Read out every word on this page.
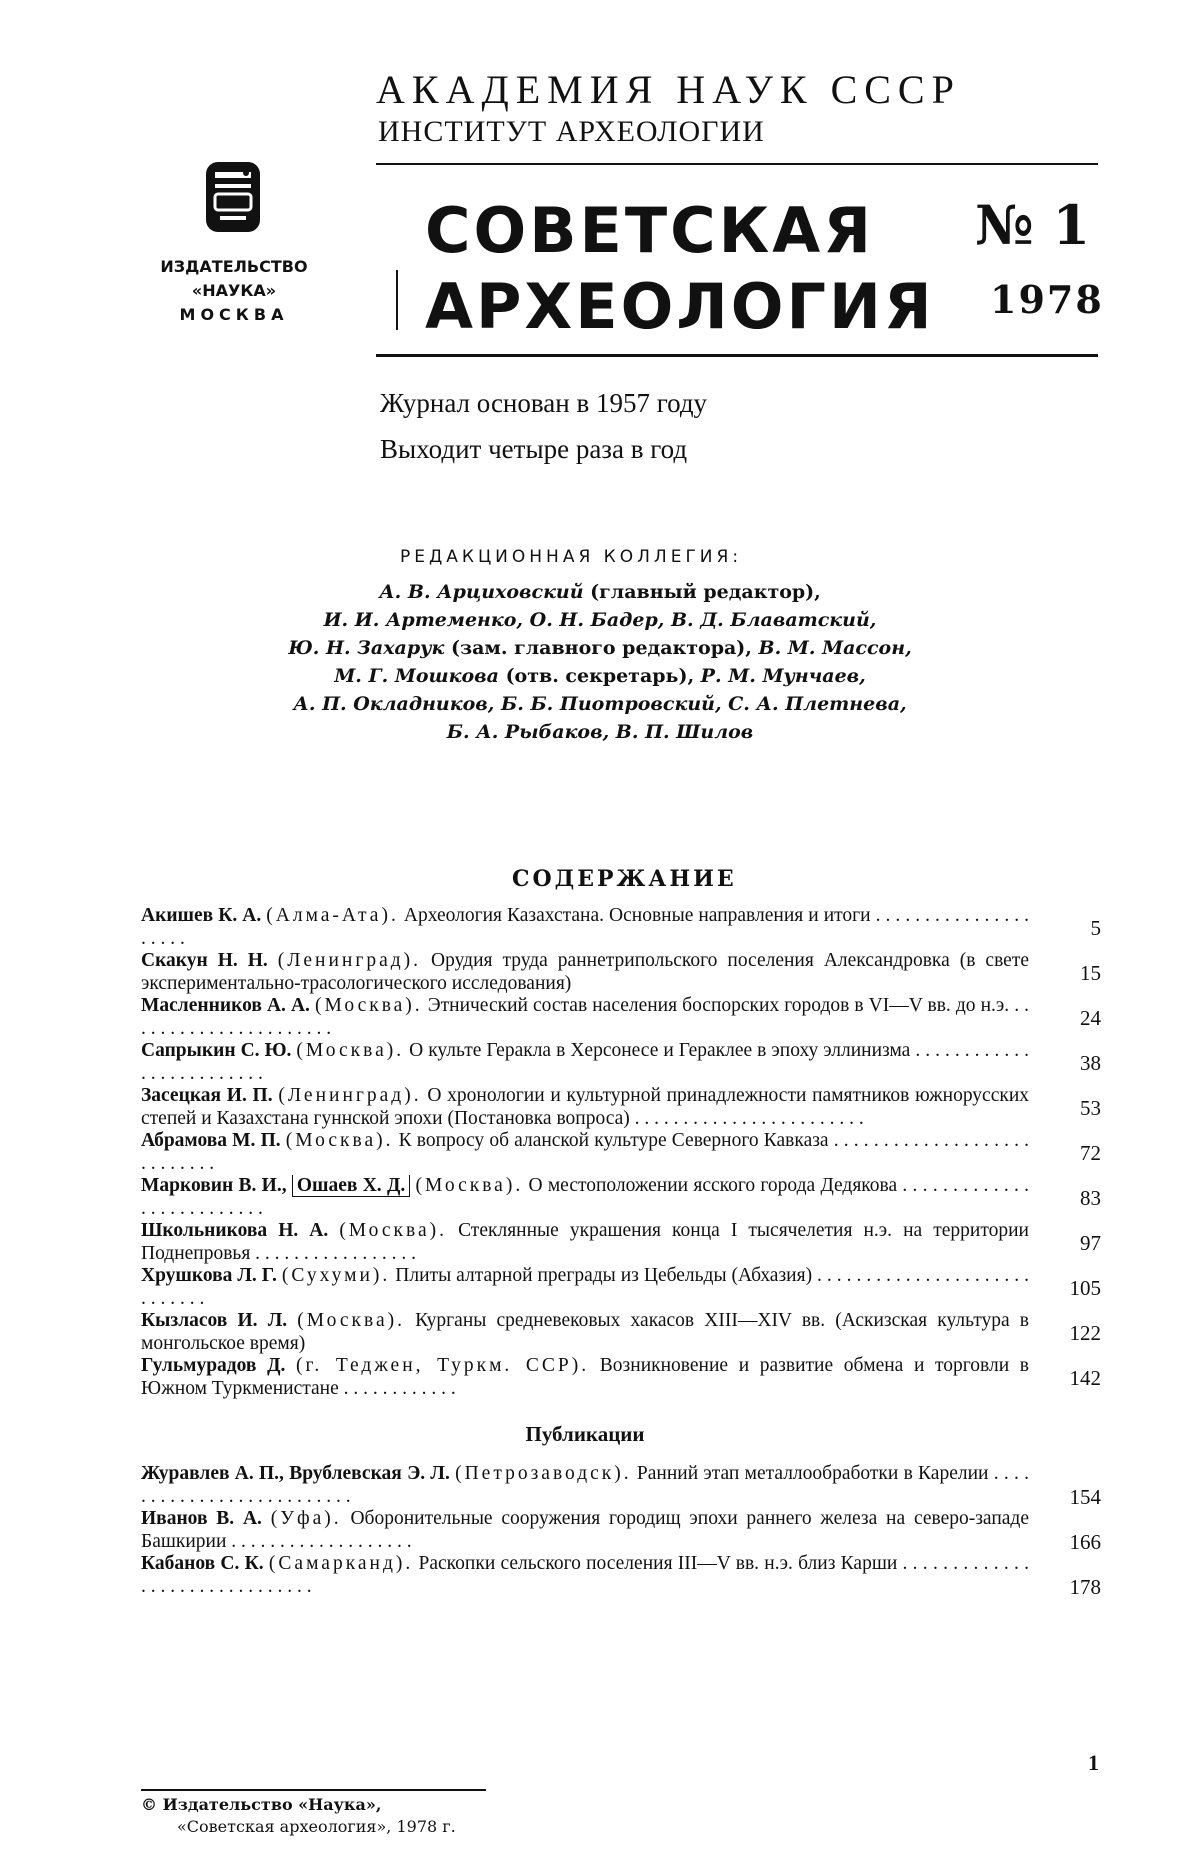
АКАДЕМИЯ НАУК СССР
ИНСТИТУТ АРХЕОЛОГИИ
ИЗДАТЕЛЬСТВО
«НАУКА»
МОСКВА
СОВЕТСКАЯ
АРХЕОЛОГИЯ
№ 1
1978
Журнал основан в 1957 году
Выходит четыре раза в год
РЕДАКЦИОННАЯ КОЛЛЕГИЯ:
А. В. Арциховский (главный редактор),
И. И. Артеменко, О. Н. Бадер, В. Д. Блаватский,
Ю. Н. Захарук (зам. главного редактора), В. М. Массон,
М. Г. Мошкова (отв. секретарь), Р. М. Мунчаев,
А. П. Окладников, Б. Б. Пиотровский, С. А. Плетнева,
Б. А. Рыбаков, В. П. Шилов
СОДЕРЖАНИЕ
Акишев К. А. (Алма-Ата). Археология Казахстана. Основные направления и итоги . . . . . . . . . . . . . . . . . . . . .	5
Скакун Н. Н. (Ленинград). Орудия труда раннетрипольского поселения Александровка (в свете экспериментально-трасологического исследования)	15
Масленников А. А. (Москва). Этнический состав населения боспорских городов в VI—V вв. до н.э. . . . . . . . . . . . . . . . . . . . . . .	24
Сапрыкин С. Ю. (Москва). О культе Геракла в Херсонесе и Гераклее в эпоху эллинизма . . . . . . . . . . . . . . . . . . . . . . . . .	38
Засецкая И. П. (Ленинград). О хронологии и культурной принадлежности памятников южнорусских степей и Казахстана гуннской эпохи (Постановка вопроса) . . . . . . . . . . . . . . . . . . . . . . . .	53
Абрамова М. П. (Москва). К вопросу об аланской культуре Северного Кавказа . . . . . . . . . . . . . . . . . . . . . . . . . . . .	72
Марковин В. И., Ошаев Х. Д. (Москва). О местоположении ясского города Дедякова . . . . . . . . . . . . . . . . . . . . . . . . . .	83
Школьникова Н. А. (Москва). Стеклянные украшения конца I тысячелетия н.э. на территории Поднепровья . . . . . . . . . . . . . . . . .	97
Хрушкова Л. Г. (Сухуми). Плиты алтарной преграды из Цебельды (Абхазия) . . . . . . . . . . . . . . . . . . . . . . . . . . . . .	105
Кызласов И. Л. (Москва). Курганы средневековых хакасов XIII—XIV вв. (Аскизская культура в монгольское время)	122
Гульмурадов Д. (г. Теджен, Туркм. ССР). Возникновение и развитие обмена и торговли в Южном Туркменистане . . . . . . . . . . . .	142
Публикации
Журавлев А. П., Врублевская Э. Л. (Петрозаводск). Ранний этап металлообработки в Карелии . . . . . . . . . . . . . . . . . . . . . . . . . .	154
Иванов В. А. (Уфа). Оборонительные сооружения городищ эпохи раннего железа на северо-западе Башкирии . . . . . . . . . . . . . . . . . . .	166
Кабанов С. К. (Самарканд). Раскопки сельского поселения III—V вв. н.э. близ Карши . . . . . . . . . . . . . . . . . . . . . . . . . . . . . . .	178
1
© Издательство «Наука»,
«Советская археология», 1978 г.
